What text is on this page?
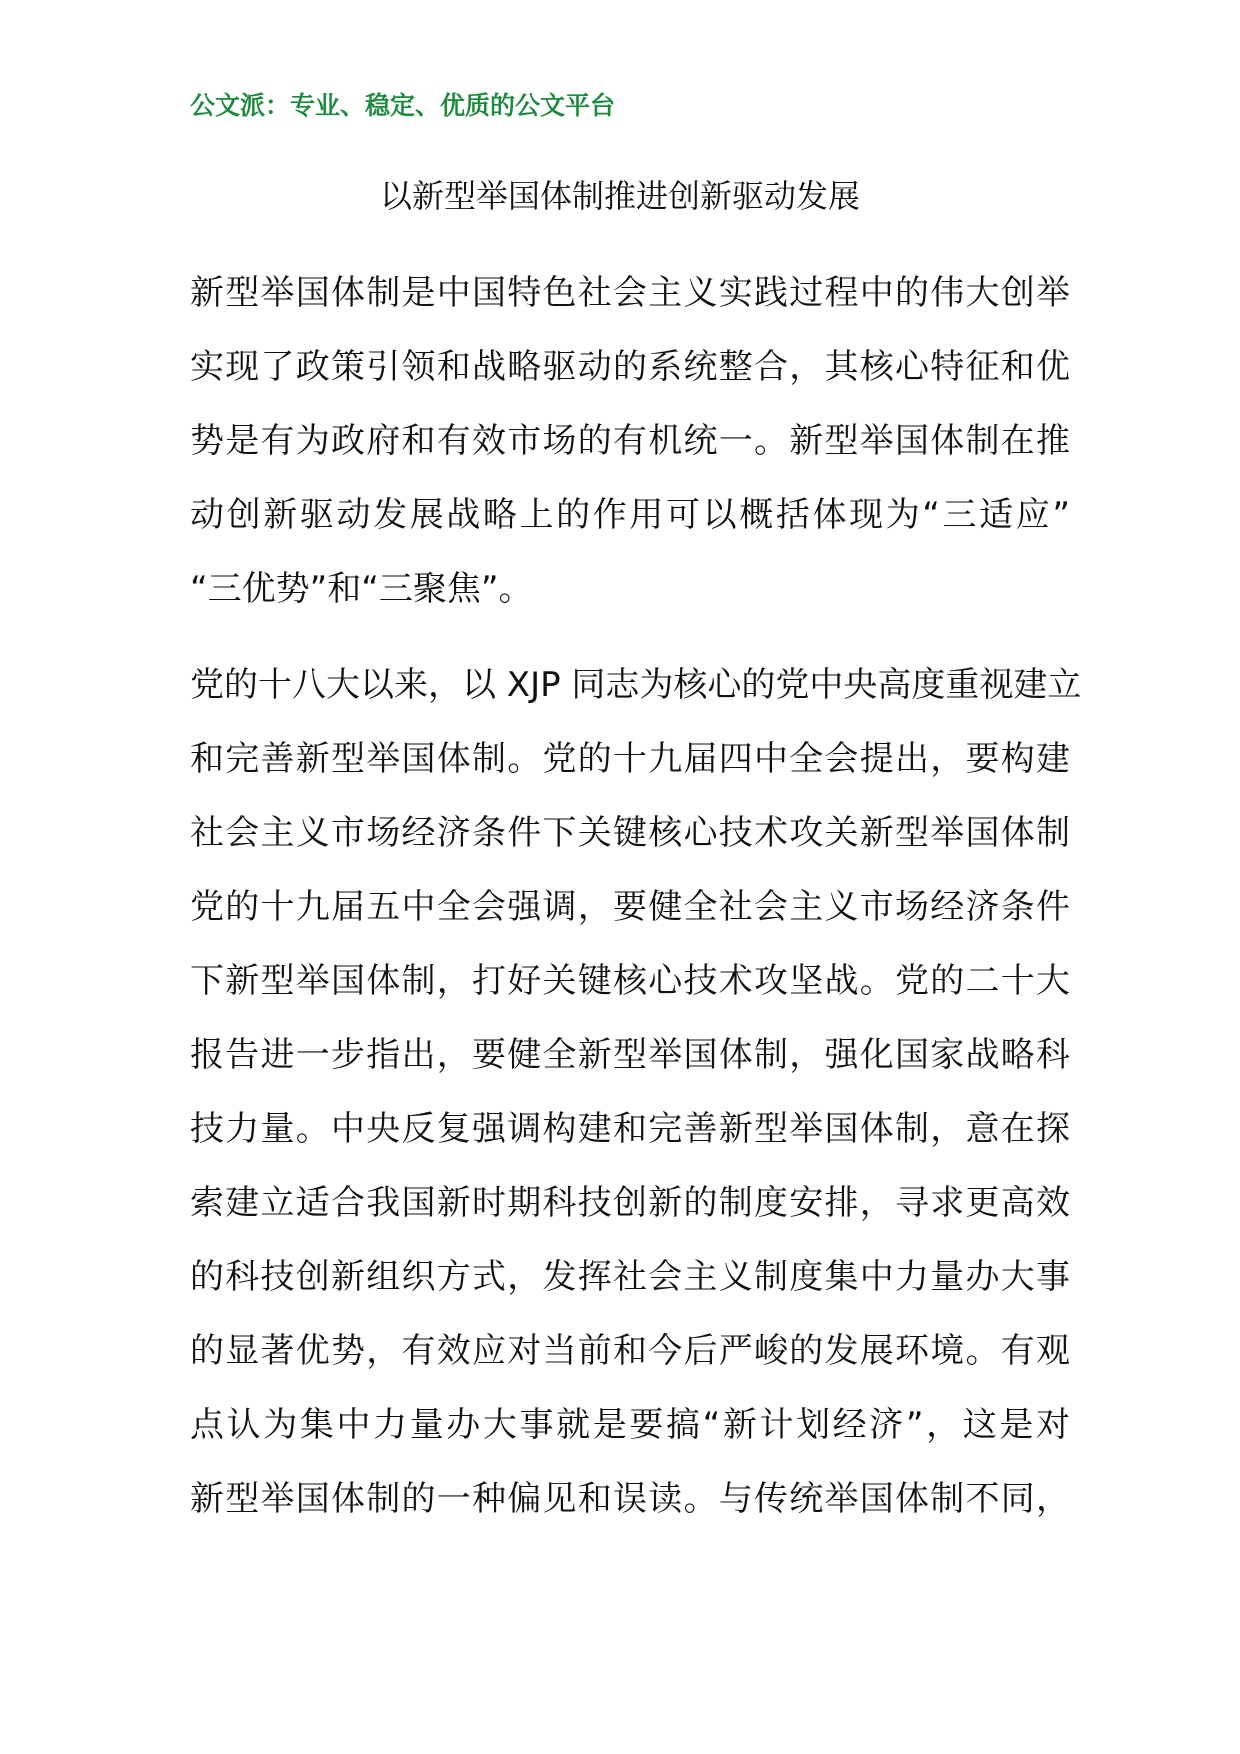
公文派：专业、稳定、优质的公文平台
以新型举国体制推进创新驱动发展
新型举国体制是中国特色社会主义实践过程中的伟大创举
实现了政策引领和战略驱动的系统整合，其核心特征和优
势是有为政府和有效市场的有机统一。新型举国体制在推
动创新驱动发展战略上的作用可以概括体现为“三适应”
“三优势”和“三聚焦”。
党的十八大以来，以 XJP 同志为核心的党中央高度重视建立
和完善新型举国体制。党的十九届四中全会提出，要构建
社会主义市场经济条件下关键核心技术攻关新型举国体制
党的十九届五中全会强调，要健全社会主义市场经济条件
下新型举国体制，打好关键核心技术攻坚战。党的二十大
报告进一步指出，要健全新型举国体制，强化国家战略科
技力量。中央反复强调构建和完善新型举国体制，意在探
索建立适合我国新时期科技创新的制度安排，寻求更高效
的科技创新组织方式，发挥社会主义制度集中力量办大事
的显著优势，有效应对当前和今后严峻的发展环境。有观
点认为集中力量办大事就是要搞“新计划经济”，这是对
新型举国体制的一种偏见和误读。与传统举国体制不同，
